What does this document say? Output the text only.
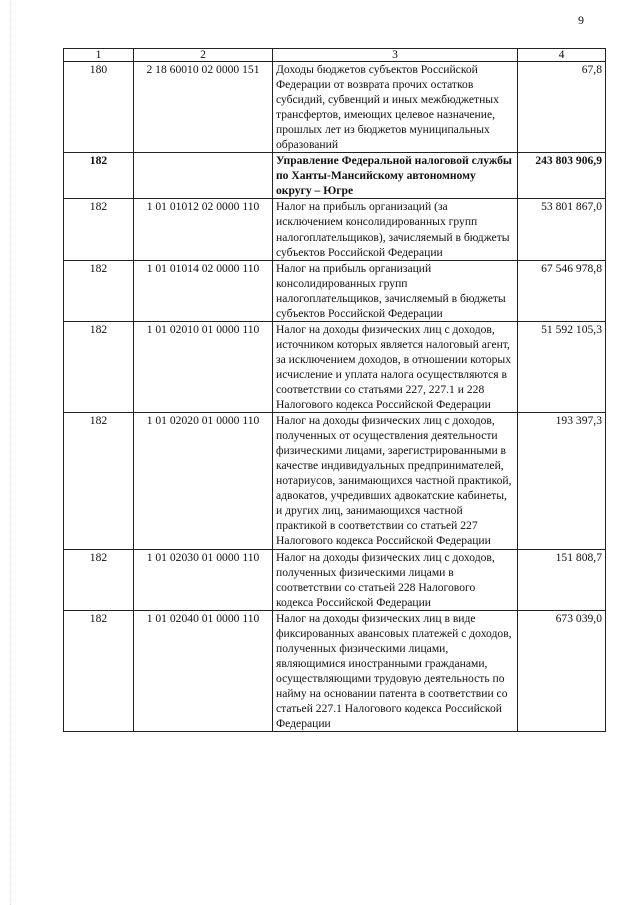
9
1	2	3	4
180	2 18 60010 02 0000 151	Доходы бюджетов субъектов Российской Федерации от возврата прочих остатков субсидий, субвенций и иных межбюджетных трансфертов, имеющих целевое назначение, прошлых лет из бюджетов муниципальных образований	67,8
182		Управление Федеральной налоговой службы по Ханты-Мансийскому автономному округу – Югре	243 803 906,9
182	1 01 01012 02 0000 110	Налог на прибыль организаций (за исключением консолидированных групп налогоплательщиков), зачисляемый в бюджеты субъектов Российской Федерации	53 801 867,0
182	1 01 01014 02 0000 110	Налог на прибыль организаций консолидированных групп налогоплательщиков, зачисляемый в бюджеты субъектов Российской Федерации	67 546 978,8
182	1 01 02010 01 0000 110	Налог на доходы физических лиц с доходов, источником которых является налоговый агент, за исключением доходов, в отношении которых исчисление и уплата налога осуществляются в соответствии со статьями 227, 227.1 и 228 Налогового кодекса Российской Федерации	51 592 105,3
182	1 01 02020 01 0000 110	Налог на доходы физических лиц с доходов, полученных от осуществления деятельности физическими лицами, зарегистрированными в качестве индивидуальных предпринимателей, нотариусов, занимающихся частной практикой, адвокатов, учредивших адвокатские кабинеты, и других лиц, занимающихся частной практикой в соответствии со статьей 227 Налогового кодекса Российской Федерации	193 397,3
182	1 01 02030 01 0000 110	Налог на доходы физических лиц с доходов, полученных физическими лицами в соответствии со статьей 228 Налогового кодекса Российской Федерации	151 808,7
182	1 01 02040 01 0000 110	Налог на доходы физических лиц в виде фиксированных авансовых платежей с доходов, полученных физическими лицами, являющимися иностранными гражданами, осуществляющими трудовую деятельность по найму на основании патента в соответствии со статьей 227.1 Налогового кодекса Российской Федерации	673 039,0
